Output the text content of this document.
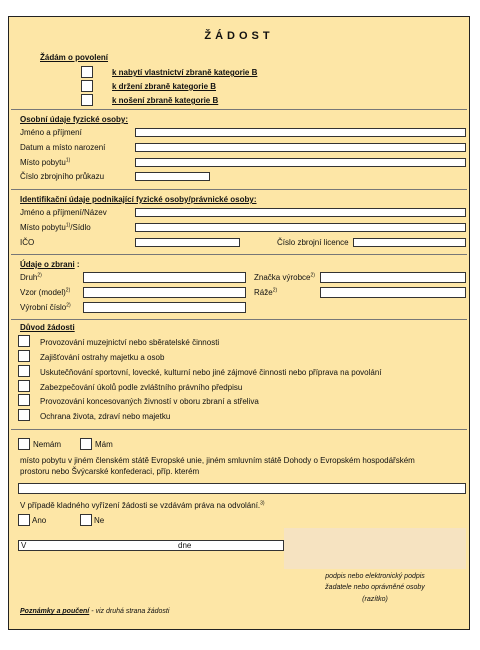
ŽÁDOST
Žádám o povolení
k nabytí vlastnictví zbraně kategorie B
k držení zbraně kategorie B
k nošení zbraně kategorie B
Osobní údaje fyzické osoby:
Jméno a příjmení
Datum a místo narození
Místo pobytu$^{1)}$
Číslo zbrojního průkazu
Identifikační údaje podnikající fyzické osoby/právnické osoby:
Jméno a příjmení/Název
Místo pobytu$^{1)}$/Sídlo
IČO	Číslo zbrojní licence
Údaje o zbrani :
Druh$^{2)}$	Značka výrobce$^{2)}$
Vzor (model)$^{2)}$	Ráže$^{2)}$
Výrobní číslo$^{2)}$
Důvod žádosti
Provozování muzejnictví nebo sběratelské činnosti
Zajišťování ostrahy majetku a osob
Uskutečňování sportovní, lovecké, kulturní nebo jiné zájmové činnosti nebo příprava na povolání
Zabezpečování úkolů podle zvláštního právního předpisu
Provozování koncesovaných živností v oboru zbraní a střeliva
Ochrana života, zdraví nebo majetku
Nemám	Mám
místo pobytu v jiném členském státě Evropské unie, jiném smluvním státě Dohody o Evropském hospodářském
prostoru nebo Švýcarské konfederaci, příp. kterém
V případě kladného vyřízení žádosti se vzdávám práva na odvolání.$^{3)}$
Ano	Ne
V	dne
podpis nebo elektronický podpis
žadatele nebo oprávněné osoby
(razítko)
Poznámky a poučení - viz druhá strana žádosti
